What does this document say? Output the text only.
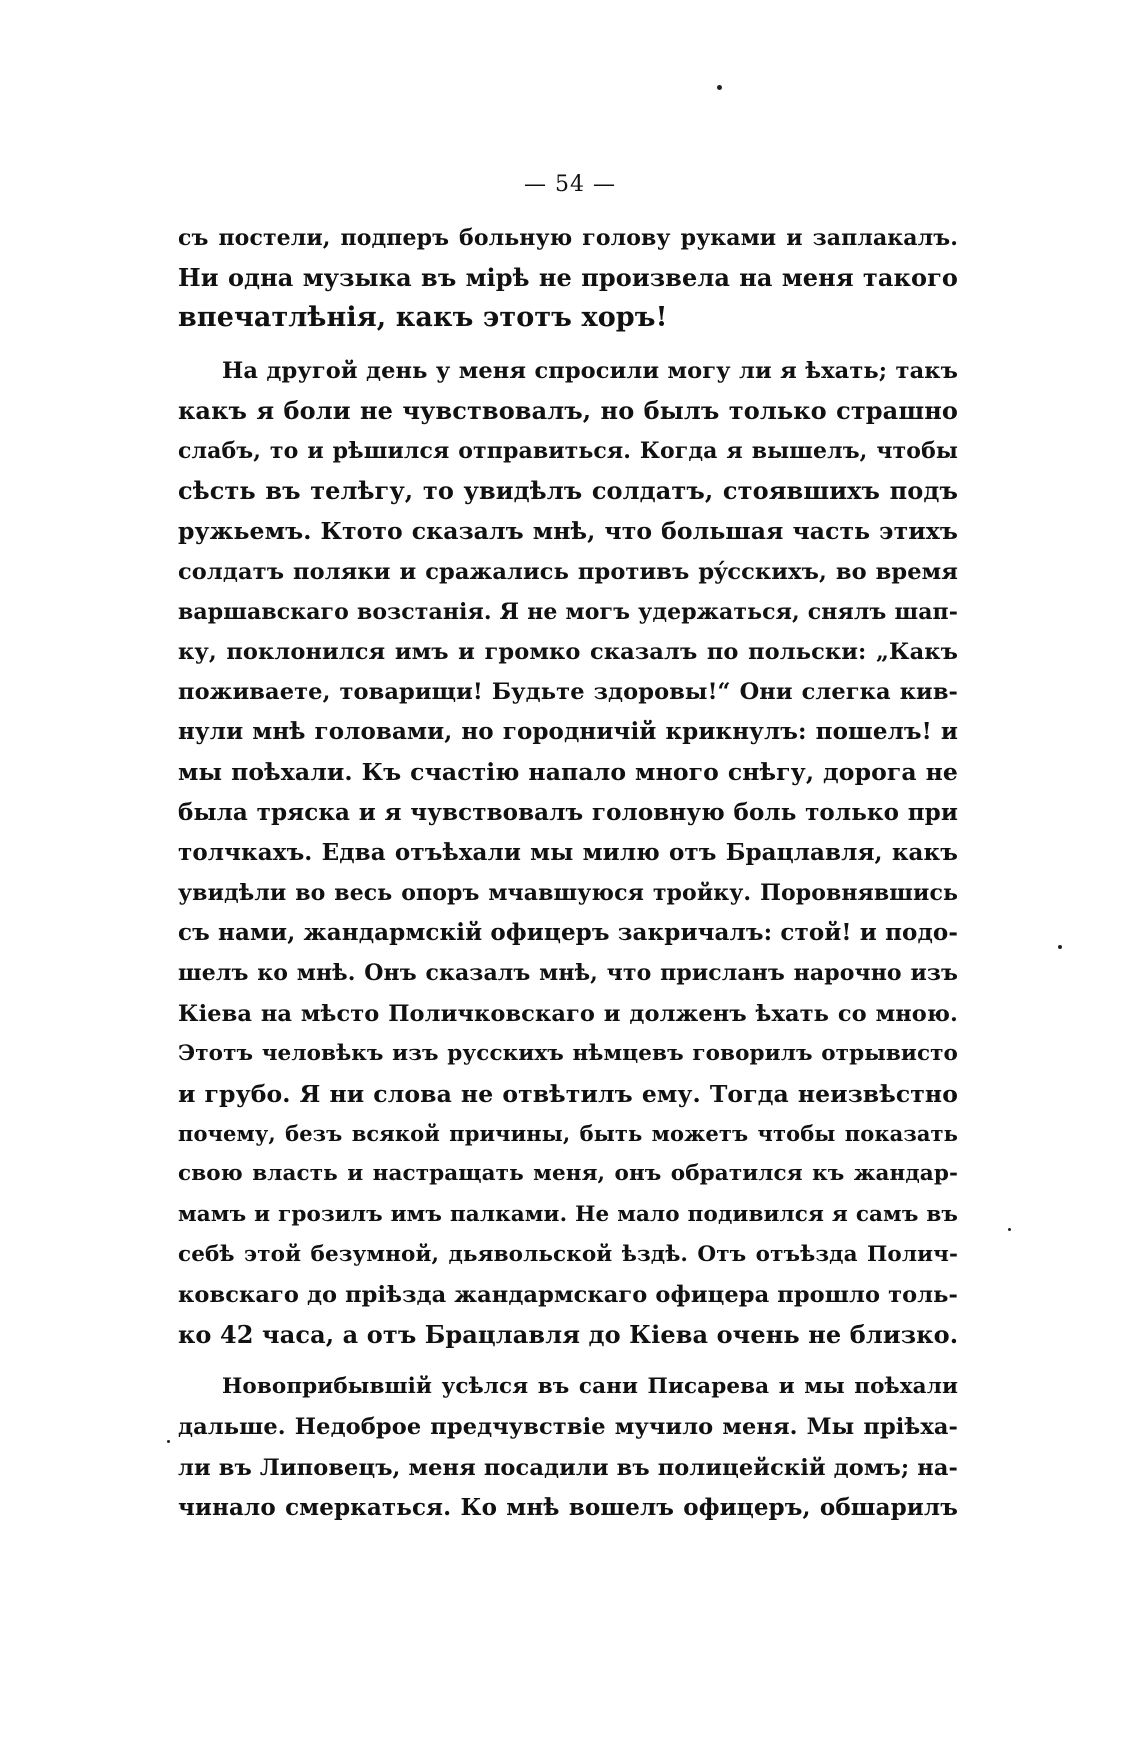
— 54 —
съ постели, подперъ больную голову руками и заплакалъ.
Ни одна музыка въ мірѣ не произвела на меня такого
впечатлѣнія, какъ этотъ хоръ!
На другой день у меня спросили могу ли я ѣхать; такъ
какъ я боли не чувствовалъ, но былъ только страшно
слабъ, то и рѣшился отправиться. Когда я вышелъ, чтобы
сѣсть въ телѣгу, то увидѣлъ солдатъ, стоявшихъ подъ
ружьемъ. Ктото сказалъ мнѣ, что большая часть этихъ
солдатъ поляки и сражались противъ рýсскихъ, во время
варшавскаго возстанія. Я не могъ удержаться, снялъ шап-
ку, поклонился имъ и громко сказалъ по польски: „Какъ
поживаете, товарищи! Будьте здоровы!“ Они слегка кив-
нули мнѣ головами, но городничій крикнулъ: пошелъ! и
мы поѣхали. Къ счастію напало много снѣгу, дорога не
была тряска и я чувствовалъ головную боль только при
толчкахъ. Едва отъѣхали мы милю отъ Брацлавля, какъ
увидѣли во весь опоръ мчавшуюся тройку. Поровнявшись
съ нами, жандармскій офицеръ закричалъ: стой! и подо-
шелъ ко мнѣ. Онъ сказалъ мнѣ, что присланъ нарочно изъ
Кіева на мѣсто Поличковскаго и долженъ ѣхать со мною.
Этотъ человѣкъ изъ русскихъ нѣмцевъ говорилъ отрывисто
и грубо. Я ни слова не отвѣтилъ ему. Тогда неизвѣстно
почему, безъ всякой причины, быть можетъ чтобы показать
свою власть и настращать меня, онъ обратился къ жандар-
мамъ и грозилъ имъ палками. Не мало подивился я самъ въ
себѣ этой безумной, дьявольской ѣздѣ. Отъ отъѣзда Полич-
ковскаго до пріѣзда жандармскаго офицера прошло толь-
ко 42 часа, а отъ Брацлавля до Кіева очень не близко.
Новоприбывшій усѣлся въ сани Писарева и мы поѣхали
дальше. Недоброе предчувствіе мучило меня. Мы пріѣха-
ли въ Липовецъ, меня посадили въ полицейскій домъ; на-
чинало смеркаться. Ко мнѣ вошелъ офицеръ, обшарилъ
